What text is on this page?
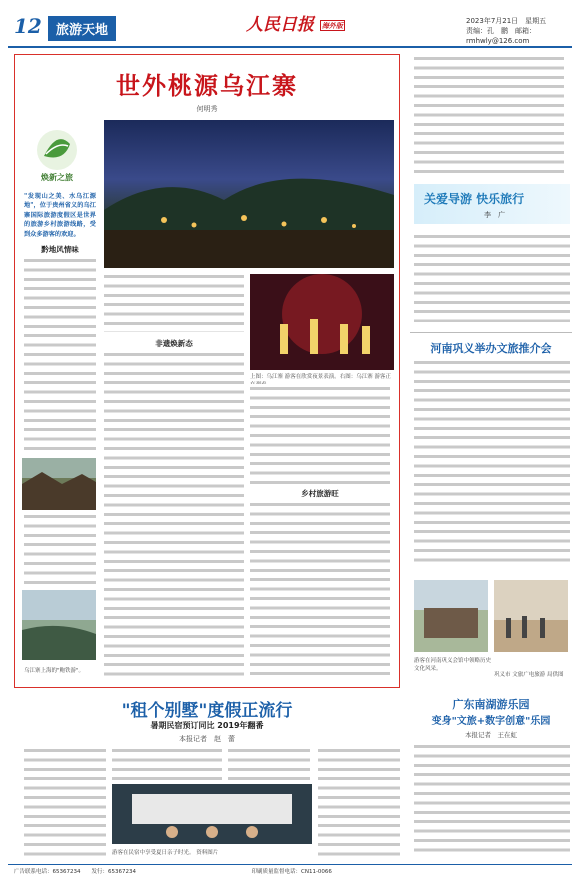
12	旅游天地	人民日报 海外版	2023年7月21日　星期五
责编：孔　鹏　邮箱：rmhwly@126.com
世外桃源乌江寨
何明秀
焕新之旅
"发现山之美、水乌江源地"，位于贵州省义的乌江寨国际旅游度假区是世界的旅游乡村旅游线路，受到众多游客的欢迎。
黔地风情味
乌江寨上海的"鲍铁游"。
非遗焕新态
上图：乌江寨 游客在欣赏夜景表演。右图：乌江寨 游客正
乡村旅游旺
关爱导游 快乐旅行
李　广
河南巩义举办文旅推介会
游客在河南巩义会馆中领略历史文化风采。
巩义市 文旅广电旅游 局供图
"租个别墅"度假正流行
暑期民宿预订同比 2019年翻番
本报记者　赵　蕾
游客在民宿中享受夏日亲子时光。 资料图片
广东南湖游乐园
变身"文旅+数字创意"乐园
本报记者　王在虹
广告联系电话：65367234　　发行：65367234　　　　　　　　　　　　　　　　　　　　　印刷质量监督电话：CN11-0066
